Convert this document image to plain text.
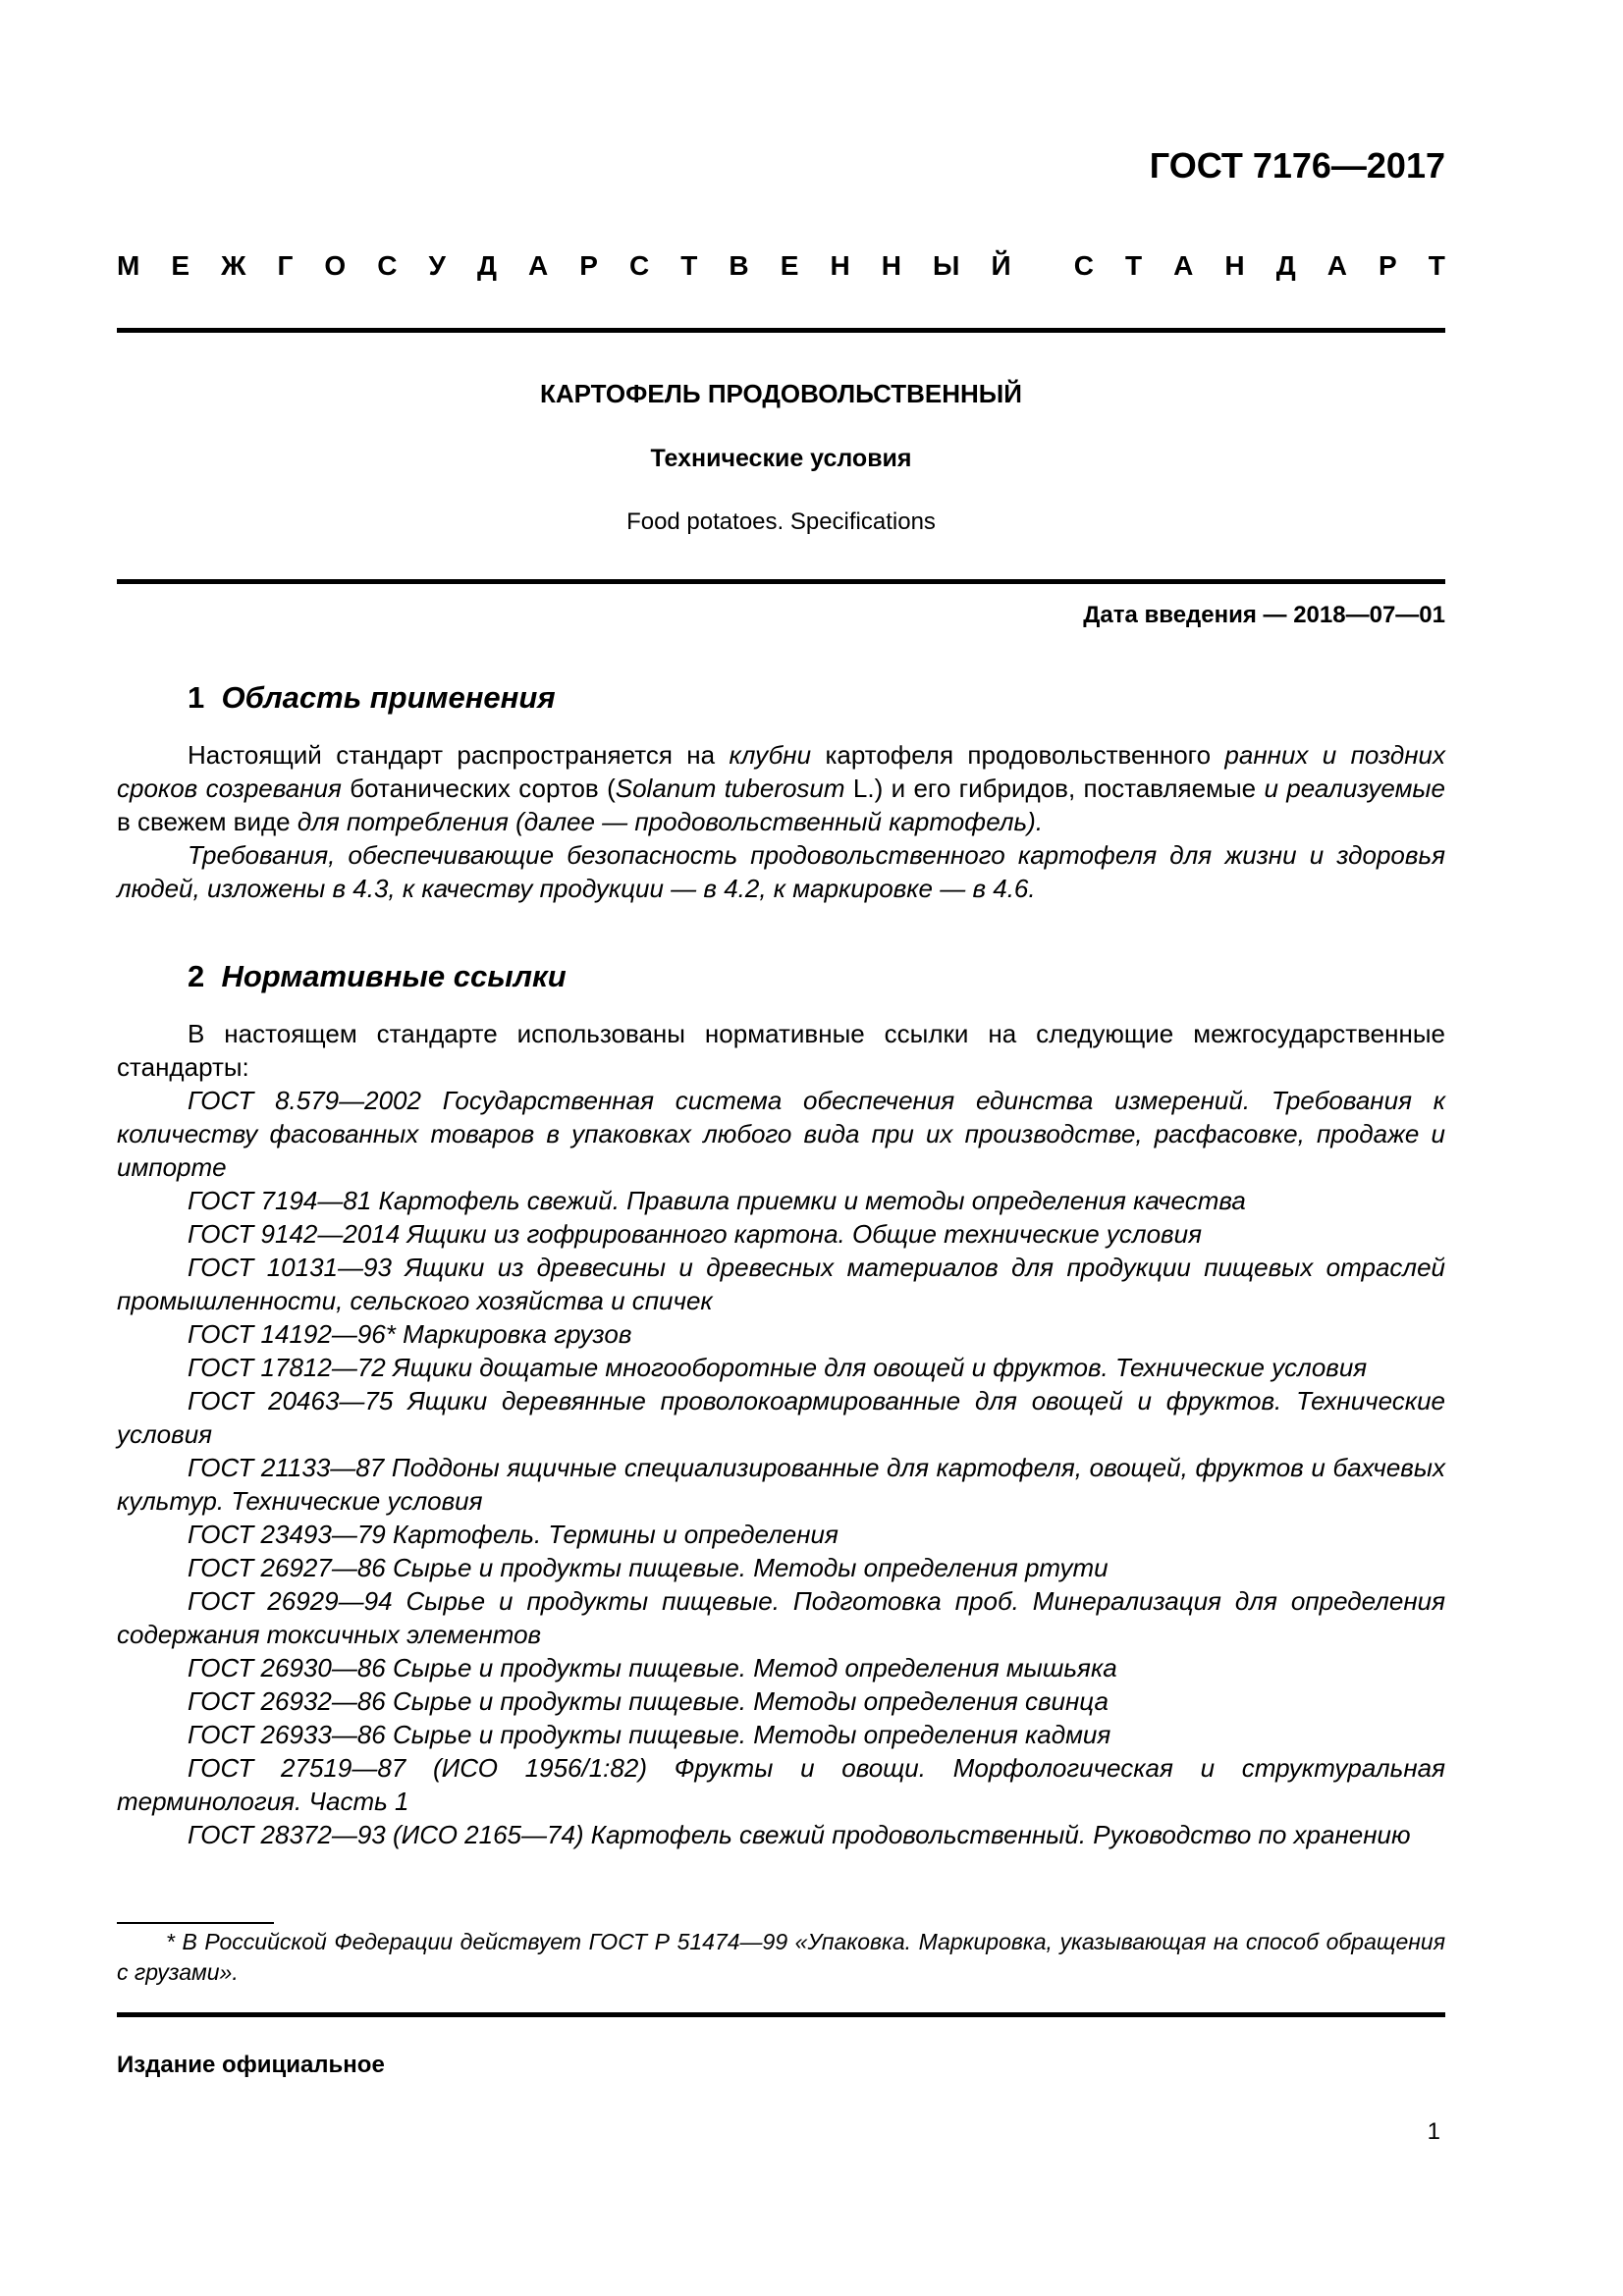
ГОСТ 7176—2017
М Е Ж Г О С У Д А Р С Т В Е Н Н Ы Й С Т А Н Д А Р Т
КАРТОФЕЛЬ ПРОДОВОЛЬСТВЕННЫЙ
Технические условия
Food potatoes. Specifications
Дата введения — 2018—07—01
1 Область применения

Настоящий стандарт распространяется на клубни картофеля продовольственного ранних и поздних сроков созревания ботанических сортов (Solanum tuberosum L.) и его гибридов, поставляемые и реализуемые в свежем виде для потребления (далее — продовольственный картофель).

Требования, обеспечивающие безопасность продовольственного картофеля для жизни и здоровья людей, изложены в 4.3, к качеству продукции — в 4.2, к маркировке — в 4.6.

2 Нормативные ссылки

В настоящем стандарте использованы нормативные ссылки на следующие межгосударственные стандарты:

ГОСТ 8.579—2002 Государственная система обеспечения единства измерений. Требования к количеству фасованных товаров в упаковках любого вида при их производстве, расфасовке, продаже и импорте

ГОСТ 7194—81 Картофель свежий. Правила приемки и методы определения качества

ГОСТ 9142—2014 Ящики из гофрированного картона. Общие технические условия

ГОСТ 10131—93 Ящики из древесины и древесных материалов для продукции пищевых отраслей промышленности, сельского хозяйства и спичек

ГОСТ 14192—96* Маркировка грузов

ГОСТ 17812—72 Ящики дощатые многооборотные для овощей и фруктов. Технические условия

ГОСТ 20463—75 Ящики деревянные проволокоармированные для овощей и фруктов. Технические условия

ГОСТ 21133—87 Поддоны ящичные специализированные для картофеля, овощей, фруктов и бахчевых культур. Технические условия

ГОСТ 23493—79 Картофель. Термины и определения

ГОСТ 26927—86 Сырье и продукты пищевые. Методы определения ртути

ГОСТ 26929—94 Сырье и продукты пищевые. Подготовка проб. Минерализация для определения содержания токсичных элементов

ГОСТ 26930—86 Сырье и продукты пищевые. Метод определения мышьяка

ГОСТ 26932—86 Сырье и продукты пищевые. Методы определения свинца

ГОСТ 26933—86 Сырье и продукты пищевые. Методы определения кадмия

ГОСТ 27519—87 (ИСО 1956/1:82) Фрукты и овощи. Морфологическая и структуральная терминология. Часть 1

ГОСТ 28372—93 (ИСО 2165—74) Картофель свежий продовольственный. Руководство по хранению

* В Российской Федерации действует ГОСТ Р 51474—99 «Упаковка. Маркировка, указывающая на способ обращения с грузами».

Издание официальное
1
